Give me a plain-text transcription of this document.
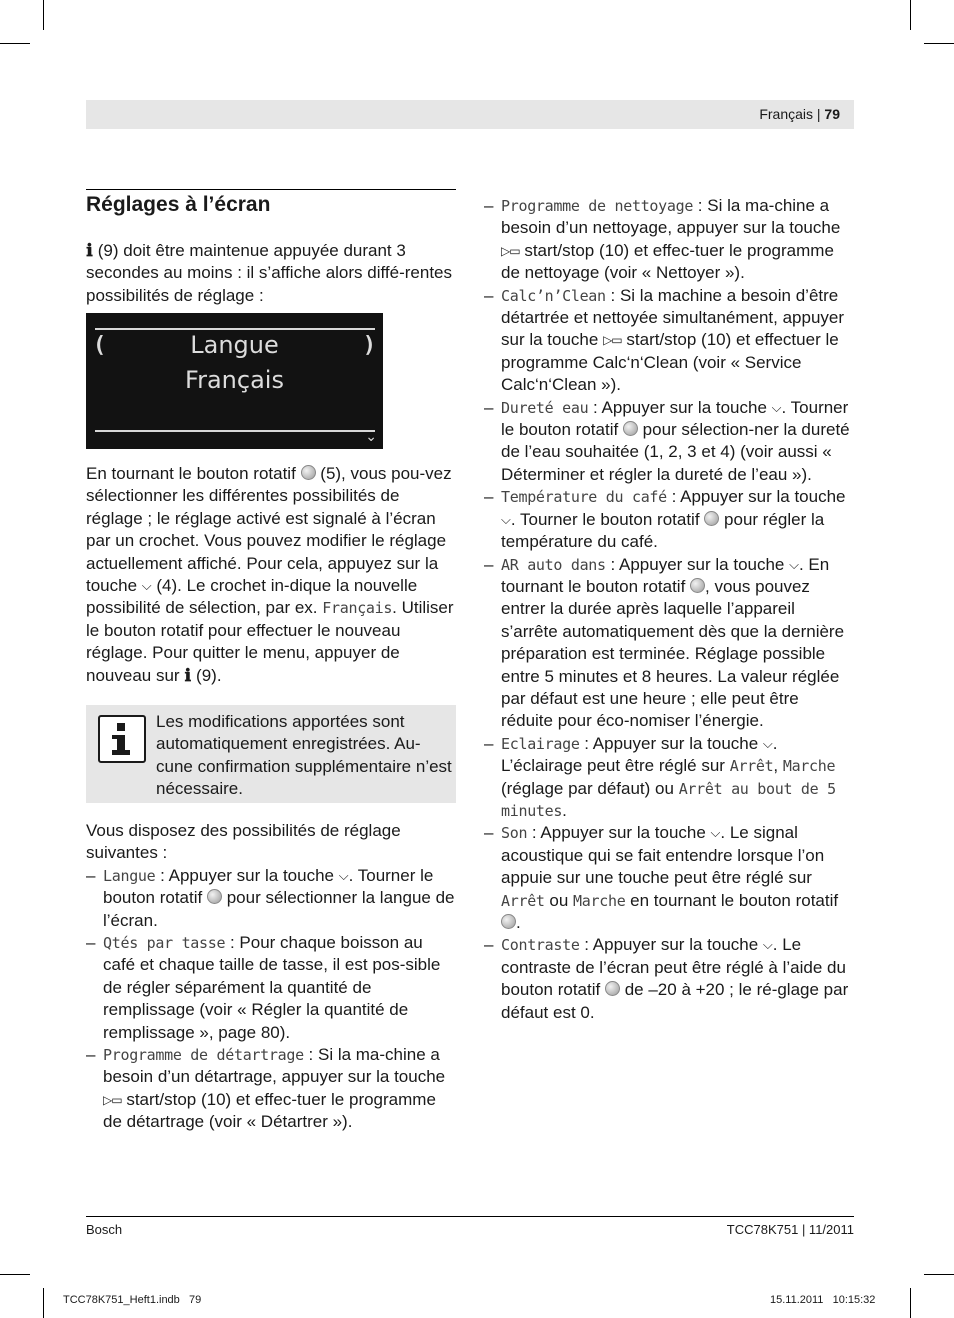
Français | 79
Réglages à l’écran

ℹ (9) doit être maintenue appuyée durant 3 secondes au moins : il s’affiche alors diffé-rentes possibilités de réglage :

(	)
Langue
Français
⌄

En tournant le bouton rotatif (5), vous pou-vez sélectionner les différentes possibilités de réglage ; le réglage activé est signalé à l’écran par un crochet. Vous pouvez modifier le réglage actuellement affiché. Pour cela, appuyez sur la touche ⌵ (4). Le crochet in-dique la nouvelle possibilité de sélection, par ex. Français. Utiliser le bouton rotatif pour effectuer le nouveau réglage. Pour quitter le menu, appuyer de nouveau sur ℹ (9).

Les modifications apportées sont automatiquement enregistrées. Au-cune confirmation supplémentaire n’est nécessaire.

Vous disposez des possibilités de réglage suivantes :

– Langue : Appuyer sur la touche ⌵. Tourner le bouton rotatif pour sélectionner la langue de l’écran.
– Qtés par tasse : Pour chaque boisson au café et chaque taille de tasse, il est pos-sible de régler séparément la quantité de remplissage (voir « Régler la quantité de remplissage », page 80).
– Programme de détartrage : Si la ma-chine a besoin d’un détartrage, appuyer sur la touche ▷▭ start/stop (10) et effec-tuer le programme de détartrage (voir « Détartrer »).
– Programme de nettoyage : Si la ma-chine a besoin d’un nettoyage, appuyer sur la touche ▷▭ start/stop (10) et effec-tuer le programme de nettoyage (voir « Nettoyer »).
– Calc’n’Clean : Si la machine a besoin d’être détartrée et nettoyée simultanément, appuyer sur la touche ▷▭ start/stop (10) et effectuer le programme Calc‘n‘Clean (voir « Service Calc‘n‘Clean »).
– Dureté eau : Appuyer sur la touche ⌵. Tourner le bouton rotatif pour sélection-ner la dureté de l’eau souhaitée (1, 2, 3 et 4) (voir aussi « Déterminer et régler la dureté de l’eau »).
– Température du café : Appuyer sur la touche ⌵. Tourner le bouton rotatif pour régler la température du café.
– AR auto dans : Appuyer sur la touche ⌵. En tournant le bouton rotatif , vous pouvez entrer la durée après laquelle l’appareil s’arrête automatiquement dès que la dernière préparation est terminée. Réglage possible entre 5 minutes et 8 heures. La valeur réglée par défaut est une heure ; elle peut être réduite pour éco-nomiser l’énergie.
– Eclairage : Appuyer sur la touche ⌵. L’éclairage peut être réglé sur Arrêt, Marche (réglage par défaut) ou Arrêt au bout de 5 minutes.
– Son : Appuyer sur la touche ⌵. Le signal acoustique qui se fait entendre lorsque l’on appuie sur une touche peut être réglé sur Arrêt ou Marche en tournant le bouton rotatif .
– Contraste : Appuyer sur la touche ⌵. Le contraste de l’écran peut être réglé à l’aide du bouton rotatif de –20 à +20 ; le ré-glage par défaut est 0.
Bosch	TCC78K751 | 11/2011
TCC78K751_Heft1.indb   79	15.11.2011   10:15:32
